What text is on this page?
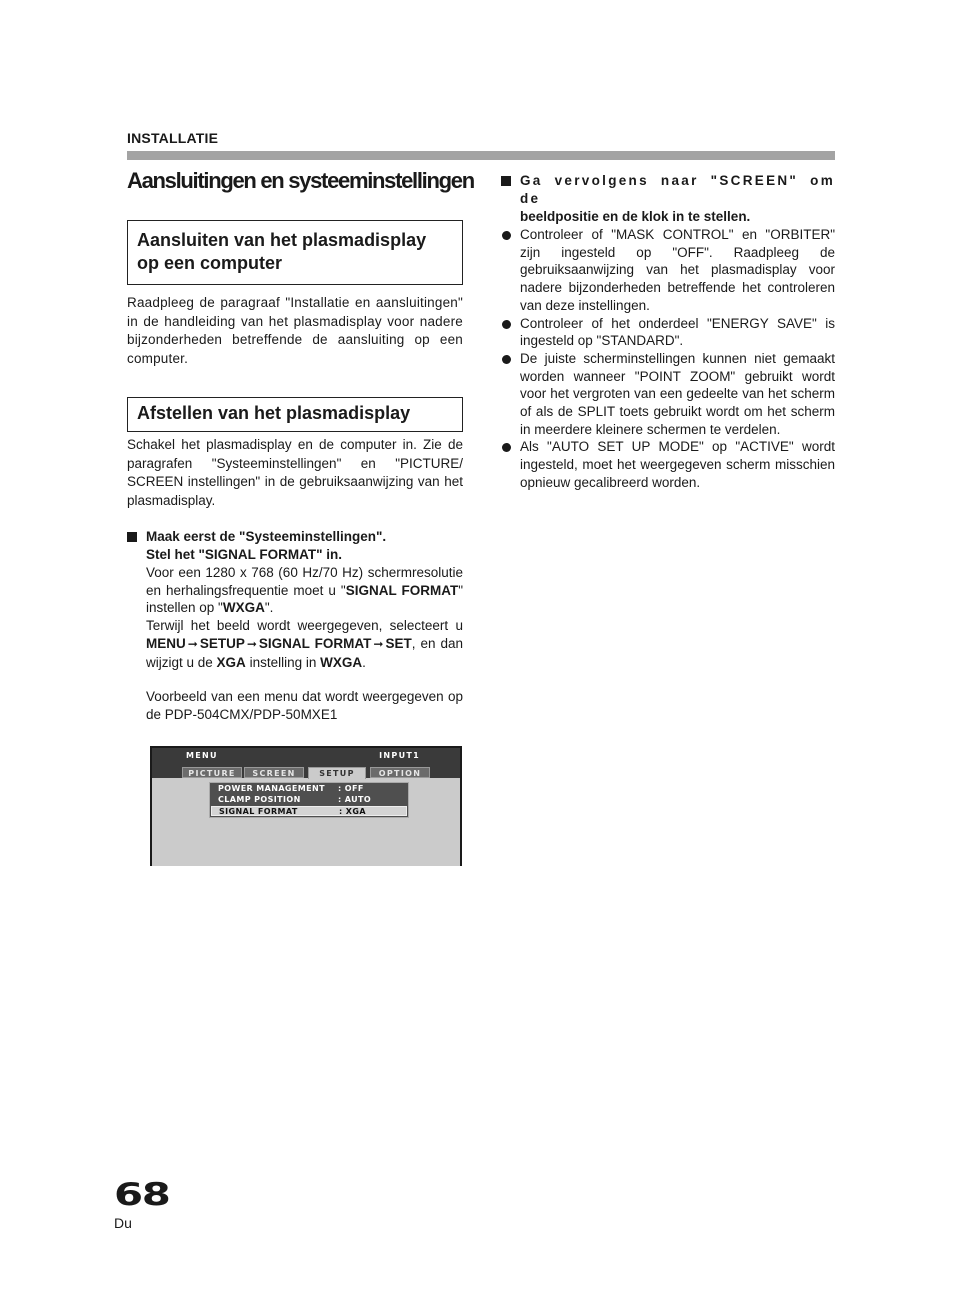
INSTALLATIE
Aansluitingen en systeeminstellingen
Aansluiten van het plasmadisplay op een computer

Raadpleeg de paragraaf "Installatie en aansluitingen" in de handleiding van het plasmadisplay voor nadere bijzonderheden betreffende de aansluiting op een computer.

Afstellen van het plasmadisplay

Schakel het plasmadisplay en de computer in. Zie de paragrafen "Systeeminstellingen" en "PICTURE/ SCREEN instellingen" in de gebruiksaanwijzing van het plasmadisplay.

Maak eerst de "Systeeminstellingen".
Stel het "SIGNAL FORMAT" in.
Voor een 1280 x 768 (60 Hz/70 Hz) schermresolutie en herhalingsfrequentie moet u "SIGNAL FORMAT" instellen op "WXGA".
Terwijl het beeld wordt weergegeven, selecteert u MENU ➞ SETUP ➞ SIGNAL FORMAT ➞ SET, en dan wijzigt u de XGA instelling in WXGA.
Voorbeeld van een menu dat wordt weergegeven op de PDP-504CMX/PDP-50MXE1
MENU	INPUT1
PICTURE	SCREEN	SETUP	OPTION
POWER MANAGEMENT : OFF
CLAMP POSITION	: AUTO
SIGNAL FORMAT	: XGA
Ga vervolgens naar "SCREEN" om de
beeldpositie en de klok in te stellen.
Controleer of "MASK CONTROL" en "ORBITER" zijn ingesteld op "OFF". Raadpleeg de gebruiksaanwijzing van het plasmadisplay voor nadere bijzonderheden betreffende het controleren van deze instellingen.
Controleer of het onderdeel "ENERGY SAVE" is ingesteld op "STANDARD".
De juiste scherminstellingen kunnen niet gemaakt worden wanneer "POINT ZOOM" gebruikt wordt voor het vergroten van een gedeelte van het scherm of als de SPLIT toets gebruikt wordt om het scherm in meerdere kleinere schermen te verdelen.
Als "AUTO SET UP MODE" op "ACTIVE" wordt ingesteld, moet het weergegeven scherm misschien opnieuw gecalibreerd worden.
68
Du
